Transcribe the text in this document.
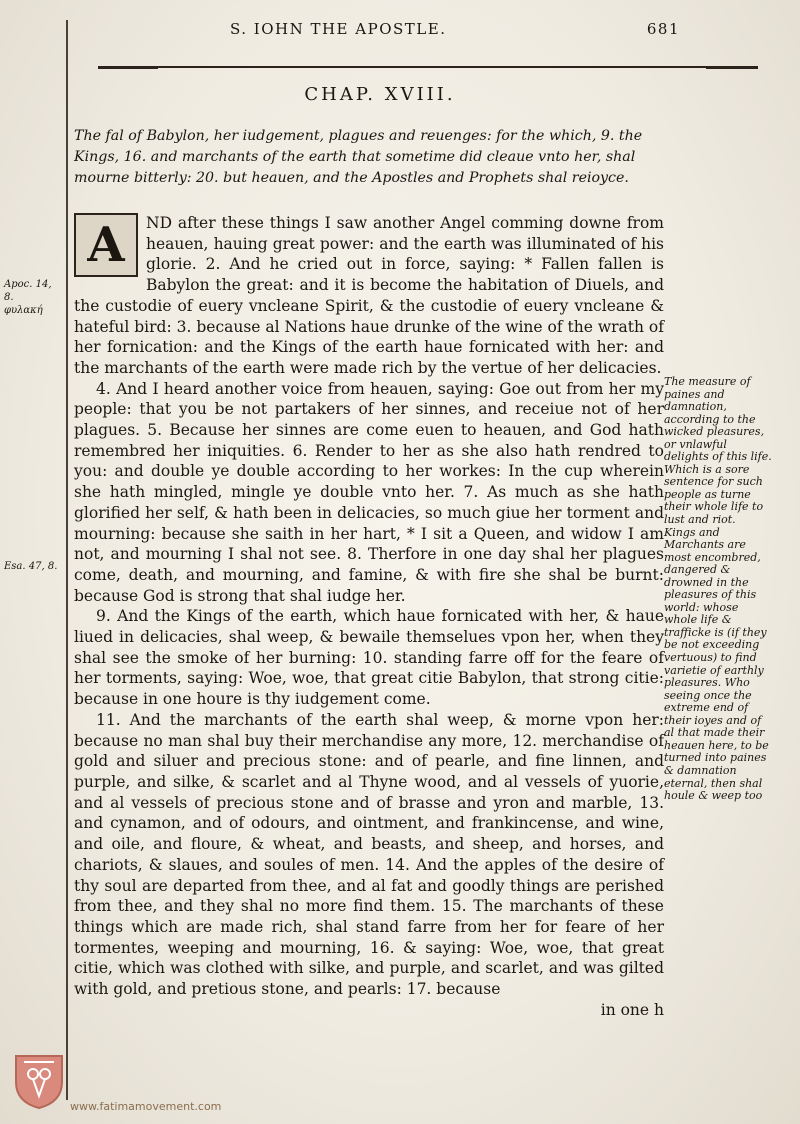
S. IOHN THE APOSTLE.	681
CHAP. XVIII.
The fal of Babylon, her iudgement, plagues and reuenges: for the which, 9. the Kings, 16. and marchants of the earth that sometime did cleaue vnto her, shal mourne bitterly: 20. but heauen, and the Apostles and Prophets shal reioyce.
A	ND after these things I saw another Angel comming downe from heauen, hauing great power: and the earth was illuminated of his glorie. 2. And he cried out in force, saying: * Fallen fallen is Babylon the great: and it is become the habitation of Diuels, and the custodie of euery vncleane Spirit, & the custodie of euery vncleane & hateful bird: 3. because al Nations haue drunke of the wine of the wrath of her fornication: and the Kings of the earth haue fornicated with her: and the marchants of the earth were made rich by the vertue of her delicacies.

4. And I heard another voice from heauen, saying: Goe out from her my people: that you be not partakers of her sinnes, and receiue not of her plagues. 5. Because her sinnes are come euen to heauen, and God hath remembred her iniquities. 6. Render to her as she also hath rendred to you: and double ye double according to her workes: In the cup wherein she hath mingled, mingle ye double vnto her. 7. As much as she hath glorified her self, & hath been in delicacies, so much giue her torment and mourning: because she saith in her hart, * I sit a Queen, and widow I am not, and mourning I shal not see. 8. Therfore in one day shal her plagues come, death, and mourning, and famine, & with fire she shal be burnt: because God is strong that shal iudge her.

9. And the Kings of the earth, which haue fornicated with her, & haue liued in delicacies, shal weep, & bewaile themselues vpon her, when they shal see the smoke of her burning: 10. standing farre off for the feare of her torments, saying: Woe, woe, that great citie Babylon, that strong citie: because in one houre is thy iudgement come.

11. And the marchants of the earth shal weep, & morne vpon her: because no man shal buy their merchandise any more, 12. merchandise of gold and siluer and precious stone: and of pearle, and fine linnen, and purple, and silke, & scarlet and al Thyne wood, and al vessels of yuorie, and al vessels of precious stone and of brasse and yron and marble, 13. and cynamon, and of odours, and ointment, and frankincense, and wine, and oile, and floure, & wheat, and beasts, and sheep, and horses, and chariots, & slaues, and soules of men. 14. And the apples of the desire of thy soul are departed from thee, and al fat and goodly things are perished from thee, and they shal no more find them. 15. The marchants of these things which are made rich, shal stand farre from her for feare of her tormentes, weeping and mourning, 16. & saying: Woe, woe, that great citie, which was clothed with silke, and purple, and scarlet, and was gilted with gold, and pretious stone, and pearls: 17. because

in one h

Apoc. 14, 8.
φυλακή
Esa. 47, 8.

The measure of paines and damnation, according to the wicked pleasures, or vnlawful delights of this life. Which is a sore sentence for such people as turne their whole life to lust and riot.

Kings and Marchants are most encombred, dangered & drowned in the pleasures of this world: whose whole life & trafficke is (if they be not exceeding vertuous) to find varietie of earthly pleasures. Who seeing once the extreme end of their ioyes and of al that made their heauen here, to be turned into paines & damnation eternal, then shal houle & weep too

www.fatimamovement.com
